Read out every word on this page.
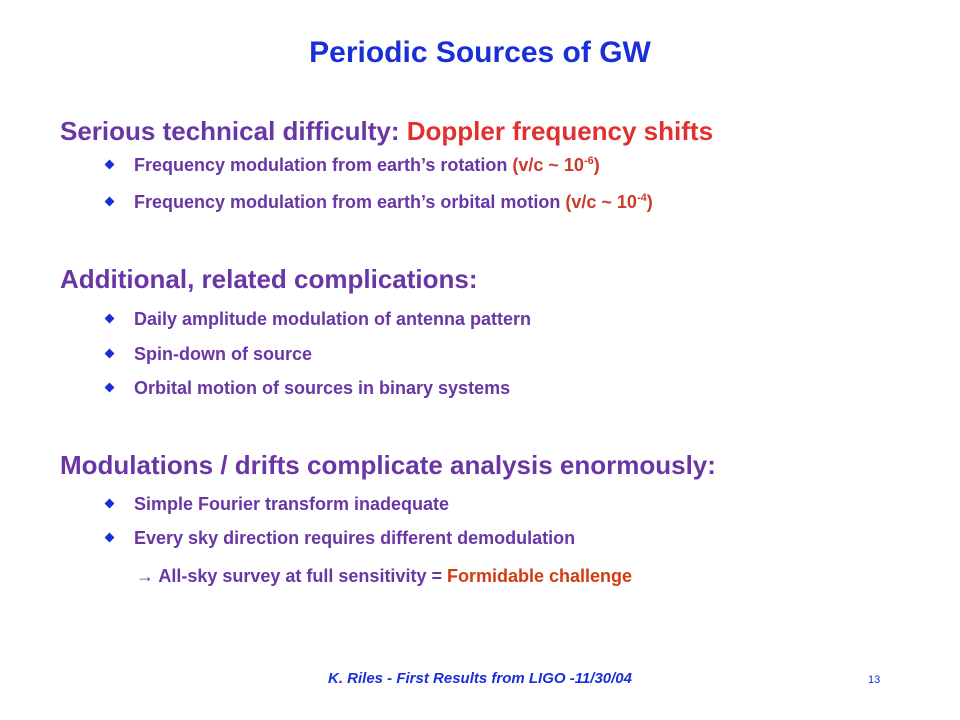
Periodic Sources of GW
Serious technical difficulty: Doppler frequency shifts
Frequency modulation from earth’s rotation (v/c ~ $10^{-6}$)
Frequency modulation from earth’s orbital motion (v/c ~ $10^{-4}$)
Additional, related complications:
Daily amplitude modulation of antenna pattern
Spin-down of source
Orbital motion of sources in binary systems
Modulations / drifts complicate analysis enormously:
Simple Fourier transform inadequate
Every sky direction requires different demodulation
→ All-sky survey at full sensitivity = Formidable challenge
K. Riles - First Results from LIGO -11/30/04	13
